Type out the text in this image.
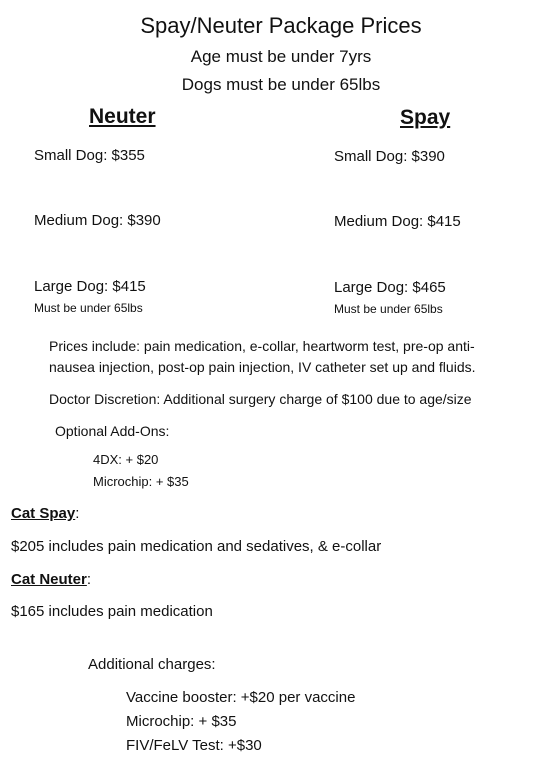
Spay/Neuter Package Prices
Age must be under 7yrs
Dogs must be under 65lbs
Neuter
Small Dog: $355
Medium Dog: $390
Large Dog: $415
Must be under 65lbs
Spay
Small Dog: $390
Medium Dog: $415
Large Dog: $465
Must be under 65lbs
Prices include: pain medication, e-collar, heartworm test, pre-op anti-nausea injection, post-op pain injection, IV catheter set up and fluids.
Doctor Discretion: Additional surgery charge of $100 due to age/size
Optional Add-Ons:
4DX: + $20
Microchip: + $35
Cat Spay:
$205 includes pain medication and sedatives, & e-collar
Cat Neuter:
$165 includes pain medication
Additional charges:
Vaccine booster: +$20 per vaccine
Microchip: + $35
FIV/FeLV Test: +$30
